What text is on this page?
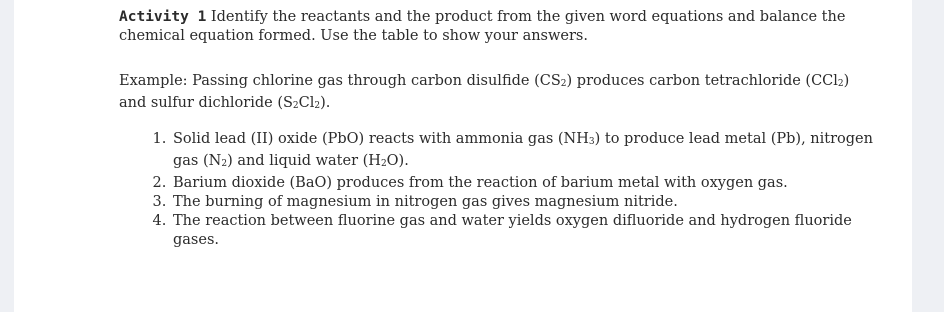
Activity 1 Identify the reactants and the product from the given word equations and balance the chemical equation formed. Use the table to show your answers.

Example: Passing chlorine gas through carbon disulfide (CS2) produces carbon tetrachloride (CCl2) and sulfur dichloride (S2Cl2).

1. Solid lead (II) oxide (PbO) reacts with ammonia gas (NH3) to produce lead metal (Pb), nitrogen gas (N2) and liquid water (H2O).
2. Barium dioxide (BaO) produces from the reaction of barium metal with oxygen gas.
3. The burning of magnesium in nitrogen gas gives magnesium nitride.
4. The reaction between fluorine gas and water yields oxygen difluoride and hydrogen fluoride gases.
